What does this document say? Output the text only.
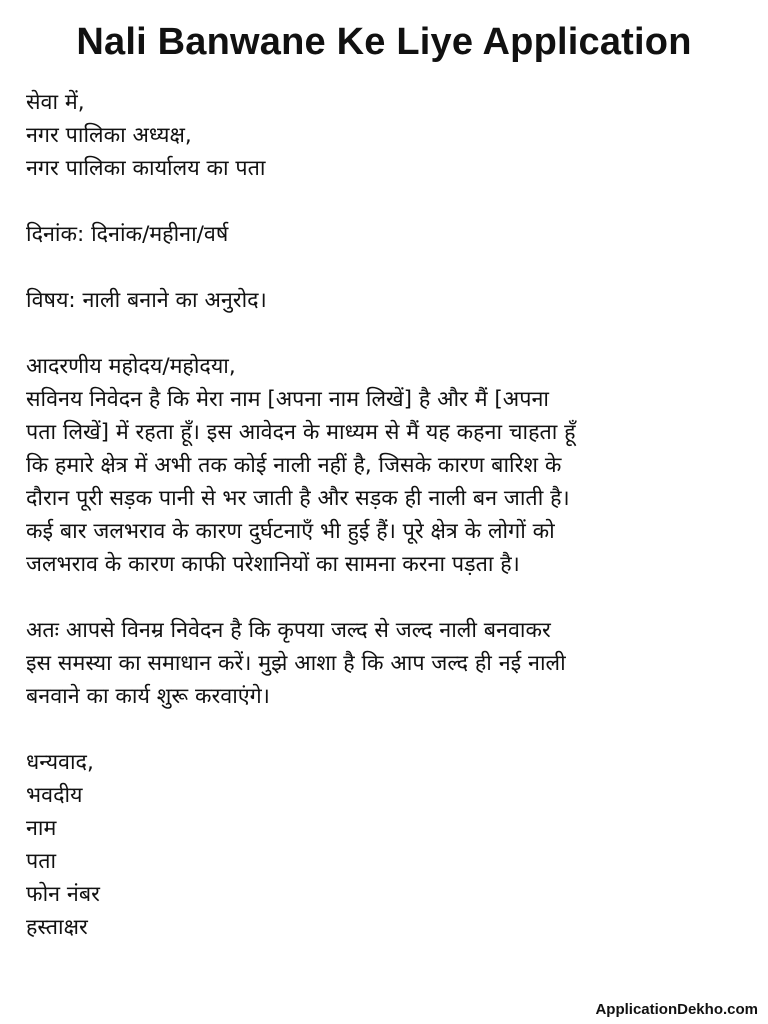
Nali Banwane Ke Liye Application
सेवा में,
नगर पालिका अध्यक्ष,
नगर पालिका कार्यालय का पता
दिनांक: दिनांक/महीना/वर्ष
विषय: नाली बनाने का अनुरोद।
आदरणीय महोदय/महोदया,
सविनय निवेदन है कि मेरा नाम [अपना नाम लिखें] है और मैं [अपना
पता लिखें] में रहता हूँ। इस आवेदन के माध्यम से मैं यह कहना चाहता हूँ
कि हमारे क्षेत्र में अभी तक कोई नाली नहीं है, जिसके कारण बारिश के
दौरान पूरी सड़क पानी से भर जाती है और सड़क ही नाली बन जाती है।
कई बार जलभराव के कारण दुर्घटनाएँ भी हुई हैं। पूरे क्षेत्र के लोगों को
जलभराव के कारण काफी परेशानियों का सामना करना पड़ता है।
अतः आपसे विनम्र निवेदन है कि कृपया जल्द से जल्द नाली बनवाकर
इस समस्या का समाधान करें। मुझे आशा है कि आप जल्द ही नई नाली
बनवाने का कार्य शुरू करवाएंगे।
धन्यवाद,
भवदीय
नाम
पता
फोन नंबर
हस्ताक्षर
ApplicationDekho.com
